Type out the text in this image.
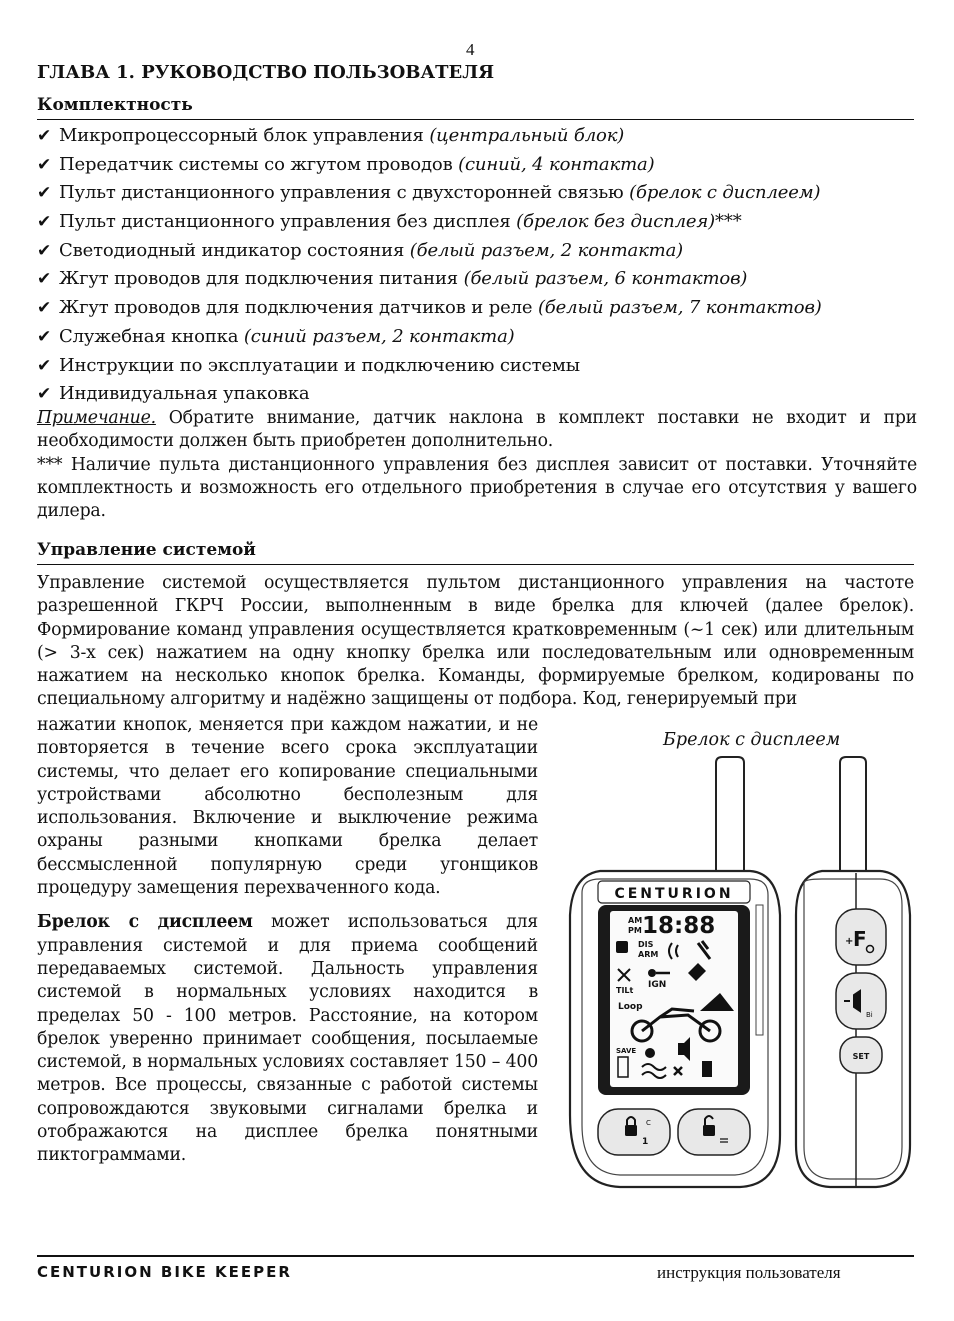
4
ГЛАВА 1. РУКОВОДСТВО ПОЛЬЗОВАТЕЛЯ
Комплектность
✔ Микропроцессорный блок управления (центральный блок)
✔ Передатчик системы со жгутом проводов (синий, 4 контакта)
✔ Пульт дистанционного управления с двухсторонней связью (брелок с дисплеем)
✔ Пульт дистанционного управления без дисплея (брелок без дисплея)***
✔ Светодиодный индикатор состояния (белый разъем, 2 контакта)
✔ Жгут проводов для подключения питания (белый разъем, 6 контактов)
✔ Жгут проводов для подключения датчиков и реле (белый разъем, 7 контактов)
✔ Служебная кнопка (синий разъем, 2 контакта)
✔ Инструкции по эксплуатации и подключению системы
✔ Индивидуальная упаковка

Примечание. Обратите внимание, датчик наклона в комплект поставки не входит и при необходимости должен быть приобретен дополнительно.

*** Наличие пульта дистанционного управления без дисплея зависит от поставки. Уточняйте комплектность и возможность его отдельного приобретения в случае его отсутствия у вашего дилера.

Управление системой

Управление системой осуществляется пультом дистанционного управления на частоте разрешенной ГКРЧ России, выполненным в виде брелка для ключей (далее брелок). Формирование команд управления осуществляется кратковременным (~1 сек) или длительным (> 3-х сек) нажатием на одну кнопку брелка или последовательным или одновременным нажатием на несколько кнопок брелка. Команды, формируемые брелком, кодированы по специальному алгоритму и надёжно защищены от подбора. Код, генерируемый при

нажатии кнопок, меняется при каждом нажатии, и не повторяется в течение всего срока эксплуатации системы, что делает его копирование специальными устройствами абсолютно бесполезным для использования. Включение и выключение режима охраны разными кнопками брелка делает бессмысленной популярную среди угонщиков процедуру замещения перехваченного кода.

Брелок с дисплеем может использоваться для управления системой и для приема сообщений передаваемых системой. Дальность управления системой в нормальных условиях находится в пределах 50 - 100 метров. Расстояние, на котором брелок уверенно принимает сообщения, посылаемые системой, в нормальных условиях составляет 150 – 400 метров. Все процессы, связанные с работой системы сопровождаются звуковыми сигналами брелка и отображаются на дисплее брелка понятными пиктограммами.

Брелок с дисплеем
CENTURION
AM
PM 18:88
DIS
ARM
TILt
IGN
Loop
SAVE
1
C
+ F
Bi
SET
CENTURION BIKE KEEPER	инструкция пользователя
